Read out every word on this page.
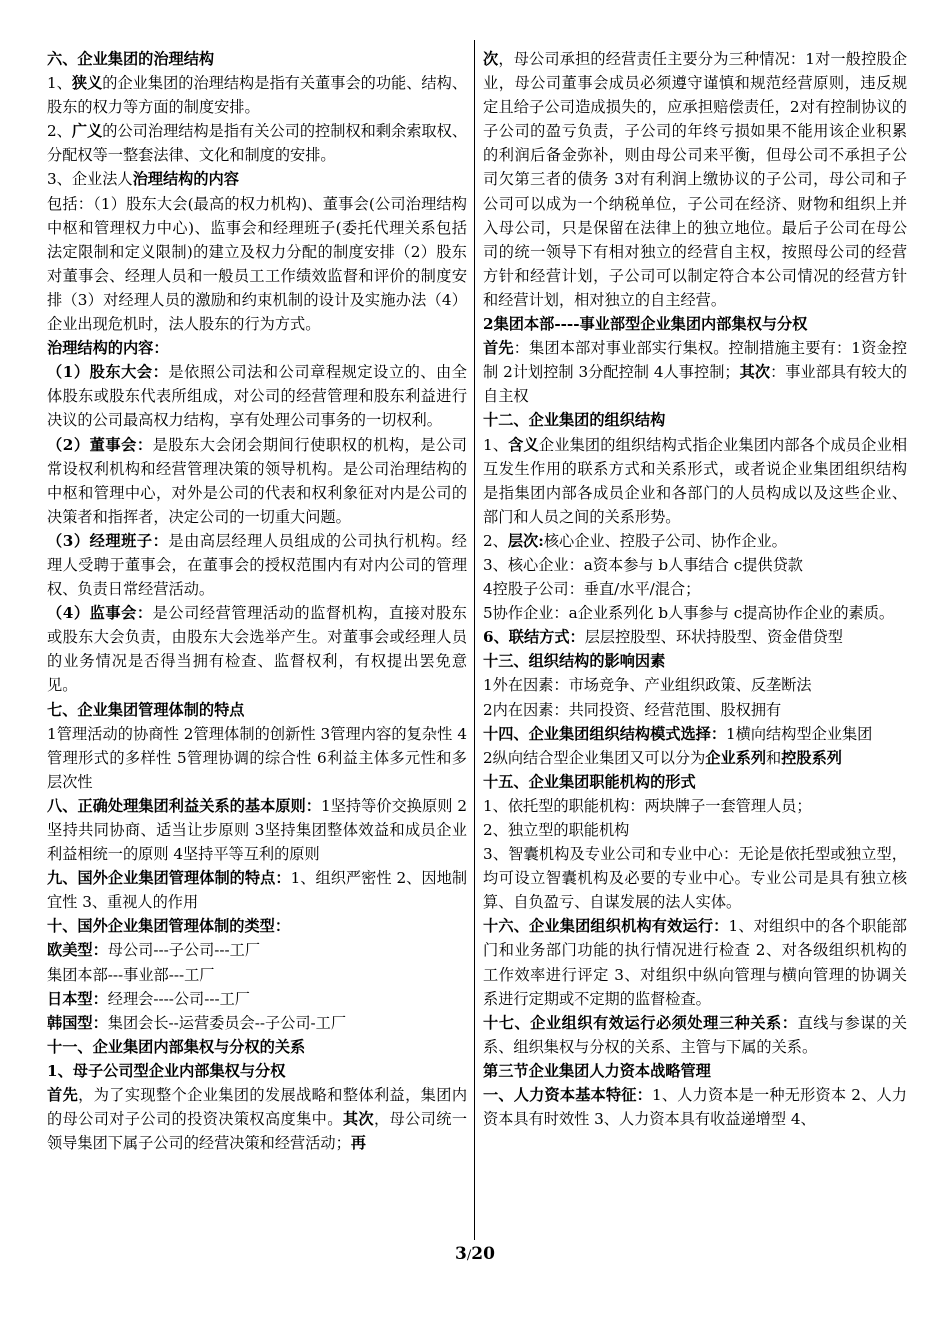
六、企业集团的治理结构

1、狭义的企业集团的治理结构是指有关董事会的功能、结构、股东的权力等方面的制度安排。

2、广义的公司治理结构是指有关公司的控制权和剩余索取权、分配权等一整套法律、文化和制度的安排。

3、企业法人治理结构的内容

包括：（1）股东大会(最高的权力机构)、董事会(公司治理结构中枢和管理权力中心)、监事会和经理班子(委托代理关系包括法定限制和定义限制)的建立及权力分配的制度安排（2）股东对董事会、经理人员和一般员工工作绩效监督和评价的制度安排（3）对经理人员的激励和约束机制的设计及实施办法（4）企业出现危机时，法人股东的行为方式。

治理结构的内容：

（1）股东大会：是依照公司法和公司章程规定设立的、由全体股东或股东代表所组成，对公司的经营管理和股东利益进行决议的公司最高权力结构，享有处理公司事务的一切权利。

（2）董事会：是股东大会闭会期间行使职权的机构，是公司常设权利机构和经营管理决策的领导机构。是公司治理结构的中枢和管理中心，对外是公司的代表和权利象征对内是公司的决策者和指挥者，决定公司的一切重大问题。

（3）经理班子：是由高层经理人员组成的公司执行机构。经理人受聘于董事会，在董事会的授权范围内有对内公司的管理权、负责日常经营活动。

（4）监事会：是公司经营管理活动的监督机构，直接对股东或股东大会负责，由股东大会选举产生。对董事会或经理人员的业务情况是否得当拥有检查、监督权利，有权提出罢免意见。

七、企业集团管理体制的特点

1管理活动的协商性 2管理体制的创新性 3管理内容的复杂性 4管理形式的多样性 5管理协调的综合性 6利益主体多元性和多层次性

八、正确处理集团利益关系的基本原则：1坚持等价交换原则 2坚持共同协商、适当让步原则 3坚持集团整体效益和成员企业利益相统一的原则 4坚持平等互利的原则

九、国外企业集团管理体制的特点：1、组织严密性 2、因地制宜性 3、重视人的作用

十、国外企业集团管理体制的类型：

欧美型：母公司---子公司---工厂

集团本部---事业部---工厂

日本型：经理会----公司---工厂

韩国型：集团会长--运营委员会--子公司-工厂

十一、企业集团内部集权与分权的关系

1、母子公司型企业内部集权与分权

首先，为了实现整个企业集团的发展战略和整体利益，集团内的母公司对子公司的投资决策权高度集中。其次，母公司统一领导集团下属子公司的经营决策和经营活动；再

次，母公司承担的经营责任主要分为三种情况：1对一般控股企业，母公司董事会成员必须遵守谨慎和规范经营原则，违反规定且给子公司造成损失的，应承担赔偿责任，2对有控制协议的子公司的盈亏负责，子公司的年终亏损如果不能用该企业积累的利润后备金弥补，则由母公司来平衡，但母公司不承担子公司欠第三者的债务 3对有利润上缴协议的子公司，母公司和子公司可以成为一个纳税单位，子公司在经济、财物和组织上并入母公司，只是保留在法律上的独立地位。最后子公司在母公司的统一领导下有相对独立的经营自主权，按照母公司的经营方针和经营计划，子公司可以制定符合本公司情况的经营方针和经营计划，相对独立的自主经营。

2集团本部----事业部型企业集团内部集权与分权

首先：集团本部对事业部实行集权。控制措施主要有：1资金控制 2计划控制 3分配控制 4人事控制；其次：事业部具有较大的自主权

十二、企业集团的组织结构

1、含义企业集团的组织结构式指企业集团内部各个成员企业相互发生作用的联系方式和关系形式，或者说企业集团组织结构是指集团内部各成员企业和各部门的人员构成以及这些企业、部门和人员之间的关系形势。

2、层次:核心企业、控股子公司、协作企业。

3、核心企业：a资本参与 b人事结合 c提供贷款

4控股子公司：垂直/水平/混合；

5协作企业：a企业系列化 b人事参与 c提高协作企业的素质。

6、联结方式：层层控股型、环状持股型、资金借贷型

十三、组织结构的影响因素

1外在因素：市场竞争、产业组织政策、反垄断法

2内在因素：共同投资、经营范围、股权拥有

十四、企业集团组织结构模式选择：1横向结构型企业集团

2纵向结合型企业集团又可以分为企业系列和控股系列

十五、企业集团职能机构的形式

1、依托型的职能机构：两块牌子一套管理人员；

2、独立型的职能机构

3、智囊机构及专业公司和专业中心：无论是依托型或独立型，均可设立智囊机构及必要的专业中心。专业公司是具有独立核算、自负盈亏、自谋发展的法人实体。

十六、企业集团组织机构有效运行：1、对组织中的各个职能部门和业务部门功能的执行情况进行检查 2、对各级组织机构的工作效率进行评定 3、对组织中纵向管理与横向管理的协调关系进行定期或不定期的监督检查。

十七、企业组织有效运行必须处理三种关系：直线与参谋的关系、组织集权与分权的关系、主管与下属的关系。

第三节企业集团人力资本战略管理

一、人力资本基本特征：1、人力资本是一种无形资本 2、人力资本具有时效性 3、人力资本具有收益递增型 4、

3/20
